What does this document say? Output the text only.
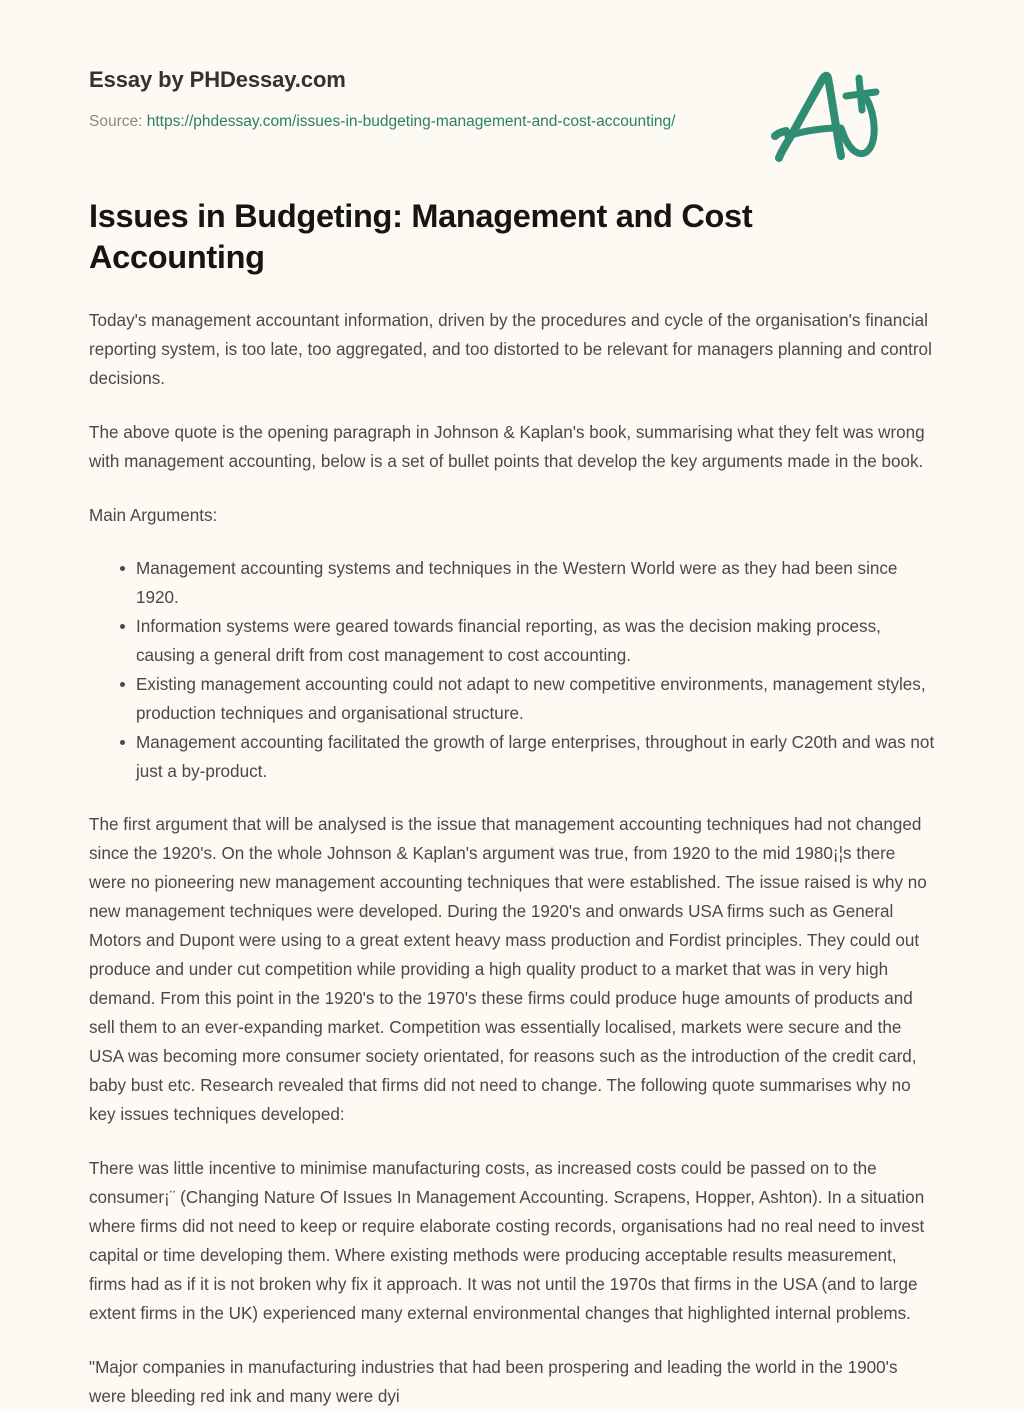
Essay by PHDessay.com
Source: https://phdessay.com/issues-in-budgeting-management-and-cost-accounting/
Issues in Budgeting: Management and Cost Accounting

Today's management accountant information, driven by the procedures and cycle of the organisation's financial reporting system, is too late, too aggregated, and too distorted to be relevant for managers planning and control decisions.

The above quote is the opening paragraph in Johnson & Kaplan's book, summarising what they felt was wrong with management accounting, below is a set of bullet points that develop the key arguments made in the book.

Main Arguments:

Management accounting systems and techniques in the Western World were as they had been since 1920.
Information systems were geared towards financial reporting, as was the decision making process, causing a general drift from cost management to cost accounting.
Existing management accounting could not adapt to new competitive environments, management styles, production techniques and organisational structure.
Management accounting facilitated the growth of large enterprises, throughout in early C20th and was not just a by-product.

The first argument that will be analysed is the issue that management accounting techniques had not changed since the 1920's. On the whole Johnson & Kaplan's argument was true, from 1920 to the mid 1980¡¦s there were no pioneering new management accounting techniques that were established. The issue raised is why no new management techniques were developed. During the 1920's and onwards USA firms such as General Motors and Dupont were using to a great extent heavy mass production and Fordist principles. They could out produce and under cut competition while providing a high quality product to a market that was in very high demand. From this point in the 1920's to the 1970's these firms could produce huge amounts of products and sell them to an ever-expanding market. Competition was essentially localised, markets were secure and the USA was becoming more consumer society orientated, for reasons such as the introduction of the credit card, baby bust etc. Research revealed that firms did not need to change. The following quote summarises why no key issues techniques developed:

There was little incentive to minimise manufacturing costs, as increased costs could be passed on to the consumer¡¨ (Changing Nature Of Issues In Management Accounting. Scrapens, Hopper, Ashton). In a situation where firms did not need to keep or require elaborate costing records, organisations had no real need to invest capital or time developing them. Where existing methods were producing acceptable results measurement, firms had as if it is not broken why fix it approach. It was not until the 1970s that firms in the USA (and to large extent firms in the UK) experienced many external environmental changes that highlighted internal problems.

"Major companies in manufacturing industries that had been prospering and leading the world in the 1900's were bleeding red ink and many were dyi
